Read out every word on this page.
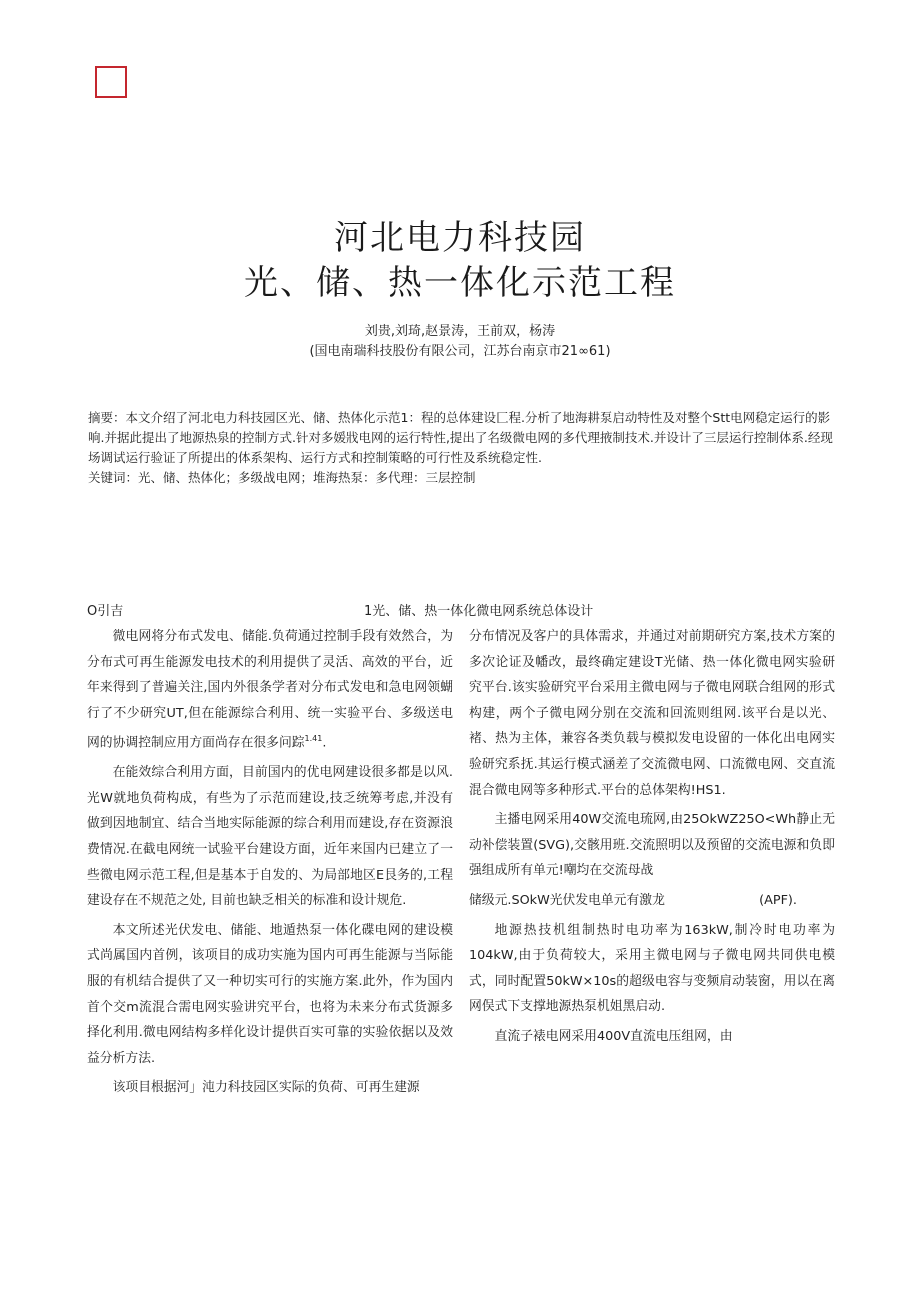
河北电力科技园
光、储、热一体化示范工程
刘贵,刘琦,赵景涛，王前双，杨涛
(国电南瑞科技股份有限公司，江苏台南京市21∞61)

摘要：本文介绍了河北电力科技园区光、储、热体化示范1：程的总体建设匚程.分析了地海耕泵启动特性及对整个Stt电网稳定运行的影响.并据此提出了地源热泉的控制方式.针对多媛戕电网的运行特性,提出了名级微电网的多代理掖制技术.并设计了三层运行控制体系.经现场调试运行验证了所提出的体系架构、运行方式和控制策略的可行性及系统稳定性.

关键词：光、储、热体化；多级战电网；堆海热泵：多代理：三层控制

O引吉	1光、储、热一体化微电网系统总体设计

微电网将分布式发电、储能.负荷通过控制手段有效然合，为分布式可再生能源发电技术的利用提供了灵活、高效的平台，近年来得到了普遍关注,国内外很条学者对分布式发电和急电网领蝴行了不少研究UT,但在能源综合利用、统一实验平台、多级送电网的协调控制应用方面尚存在很多问踪$^{1.41}$.

在能效综合利用方面，目前国内的优电网建设很多都是以风.光W就地负荷构成，有些为了示范而建设,技乏统筹考虑,并没有做到因地制宜、结合当地实际能源的综合利用而建设,存在资源浪费情况.在截电网统一试验平台建设方面，近年来国内已建立了一些微电网示范工程,但是基本于自发的、为局部地区E艮务的,工程建设存在不规范之处, 目前也缺乏相关的标准和设计规危.

本文所述光伏发电、储能、地遁热泵一体化碟电网的建设模式尚属国内首例，该项目的成功实施为国内可再生能源与当际能服的有机结合提供了又一种切实可行的实施方案.此外，作为国内首个交m流混合需电网实验讲究平台，也将为未来分布式货源多择化利用.微电网结构多样化设计提供百实可靠的实验依据以及效益分析方法.

该项目根据河」沌力科技园区实际的负荷、可再生建源

分布情况及客户的具体需求，并通过对前期研究方案,技术方案的多次论证及幡改，最终确定建设T光储、热一体化微电网实验研究平台.该实验研究平台采用主微电网与子微电网联合组网的形式构建，两个子微电网分别在交流和回流则组网.该平台是以光、褚、热为主体，兼容各类负载与模拟发电设留的一体化出电网实验研究系抚.其运行模式涵差了交流微电网、口流微电网、交直流混合微电网等多种形式.平台的总体架构!HS1.

主播电网采用40W交流电琉网,由25OkWZ25O<Wh静止无动补偿装置(SVG),交骸用班.交流照明以及预留的交流电源和负即强组成所有单元!嘲均在交流母战

储级元.SOkW光伏发电单元有激龙	(APF).

地源热技机组制热时电功率为163kW,制冷时电功率为104kW,由于负荷较大，采用主微电网与子微电网共同供电模式，同时配置50kW×10s的超级电容与变频肩动装窗，用以在离网俣式下支撑地源热泵机姐黑启动.

直流子裱电网采用400V直流电压组网，由
